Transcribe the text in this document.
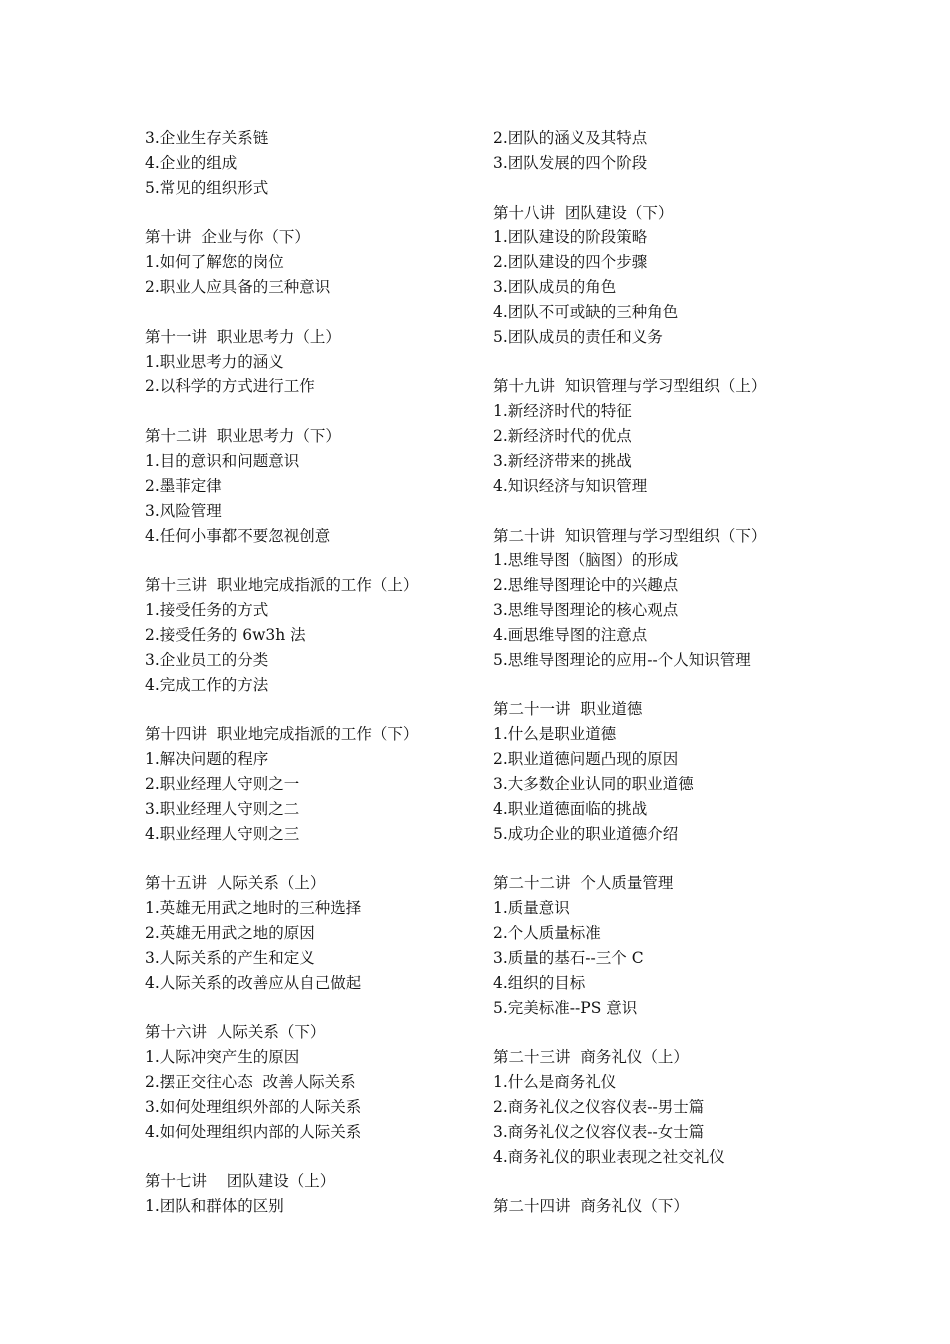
3.企业生存关系链
4.企业的组成
5.常见的组织形式
第十讲  企业与你（下）
1.如何了解您的岗位
2.职业人应具备的三种意识
第十一讲  职业思考力（上）
1.职业思考力的涵义
2.以科学的方式进行工作
第十二讲  职业思考力（下）
1.目的意识和问题意识
2.墨菲定律
3.风险管理
4.任何小事都不要忽视创意
第十三讲  职业地完成指派的工作（上）
1.接受任务的方式
2.接受任务的 6w3h 法
3.企业员工的分类
4.完成工作的方法
第十四讲  职业地完成指派的工作（下）
1.解决问题的程序
2.职业经理人守则之一
3.职业经理人守则之二
4.职业经理人守则之三
第十五讲  人际关系（上）
1.英雄无用武之地时的三种选择
2.英雄无用武之地的原因
3.人际关系的产生和定义
4.人际关系的改善应从自己做起
第十六讲  人际关系（下）
1.人际冲突产生的原因
2.摆正交往心态  改善人际关系
3.如何处理组织外部的人际关系
4.如何处理组织内部的人际关系
第十七讲    团队建设（上）
1.团队和群体的区别
2.团队的涵义及其特点
3.团队发展的四个阶段
第十八讲  团队建设（下）
1.团队建设的阶段策略
2.团队建设的四个步骤
3.团队成员的角色
4.团队不可或缺的三种角色
5.团队成员的责任和义务
第十九讲  知识管理与学习型组织（上）
1.新经济时代的特征
2.新经济时代的优点
3.新经济带来的挑战
4.知识经济与知识管理
第二十讲  知识管理与学习型组织（下）
1.思维导图（脑图）的形成
2.思维导图理论中的兴趣点
3.思维导图理论的核心观点
4.画思维导图的注意点
5.思维导图理论的应用--个人知识管理
第二十一讲  职业道德
1.什么是职业道德
2.职业道德问题凸现的原因
3.大多数企业认同的职业道德
4.职业道德面临的挑战
5.成功企业的职业道德介绍
第二十二讲  个人质量管理
1.质量意识
2.个人质量标准
3.质量的基石--三个 C
4.组织的目标
5.完美标准--PS 意识
第二十三讲  商务礼仪（上）
1.什么是商务礼仪
2.商务礼仪之仪容仪表--男士篇
3.商务礼仪之仪容仪表--女士篇
4.商务礼仪的职业表现之社交礼仪
第二十四讲  商务礼仪（下）
